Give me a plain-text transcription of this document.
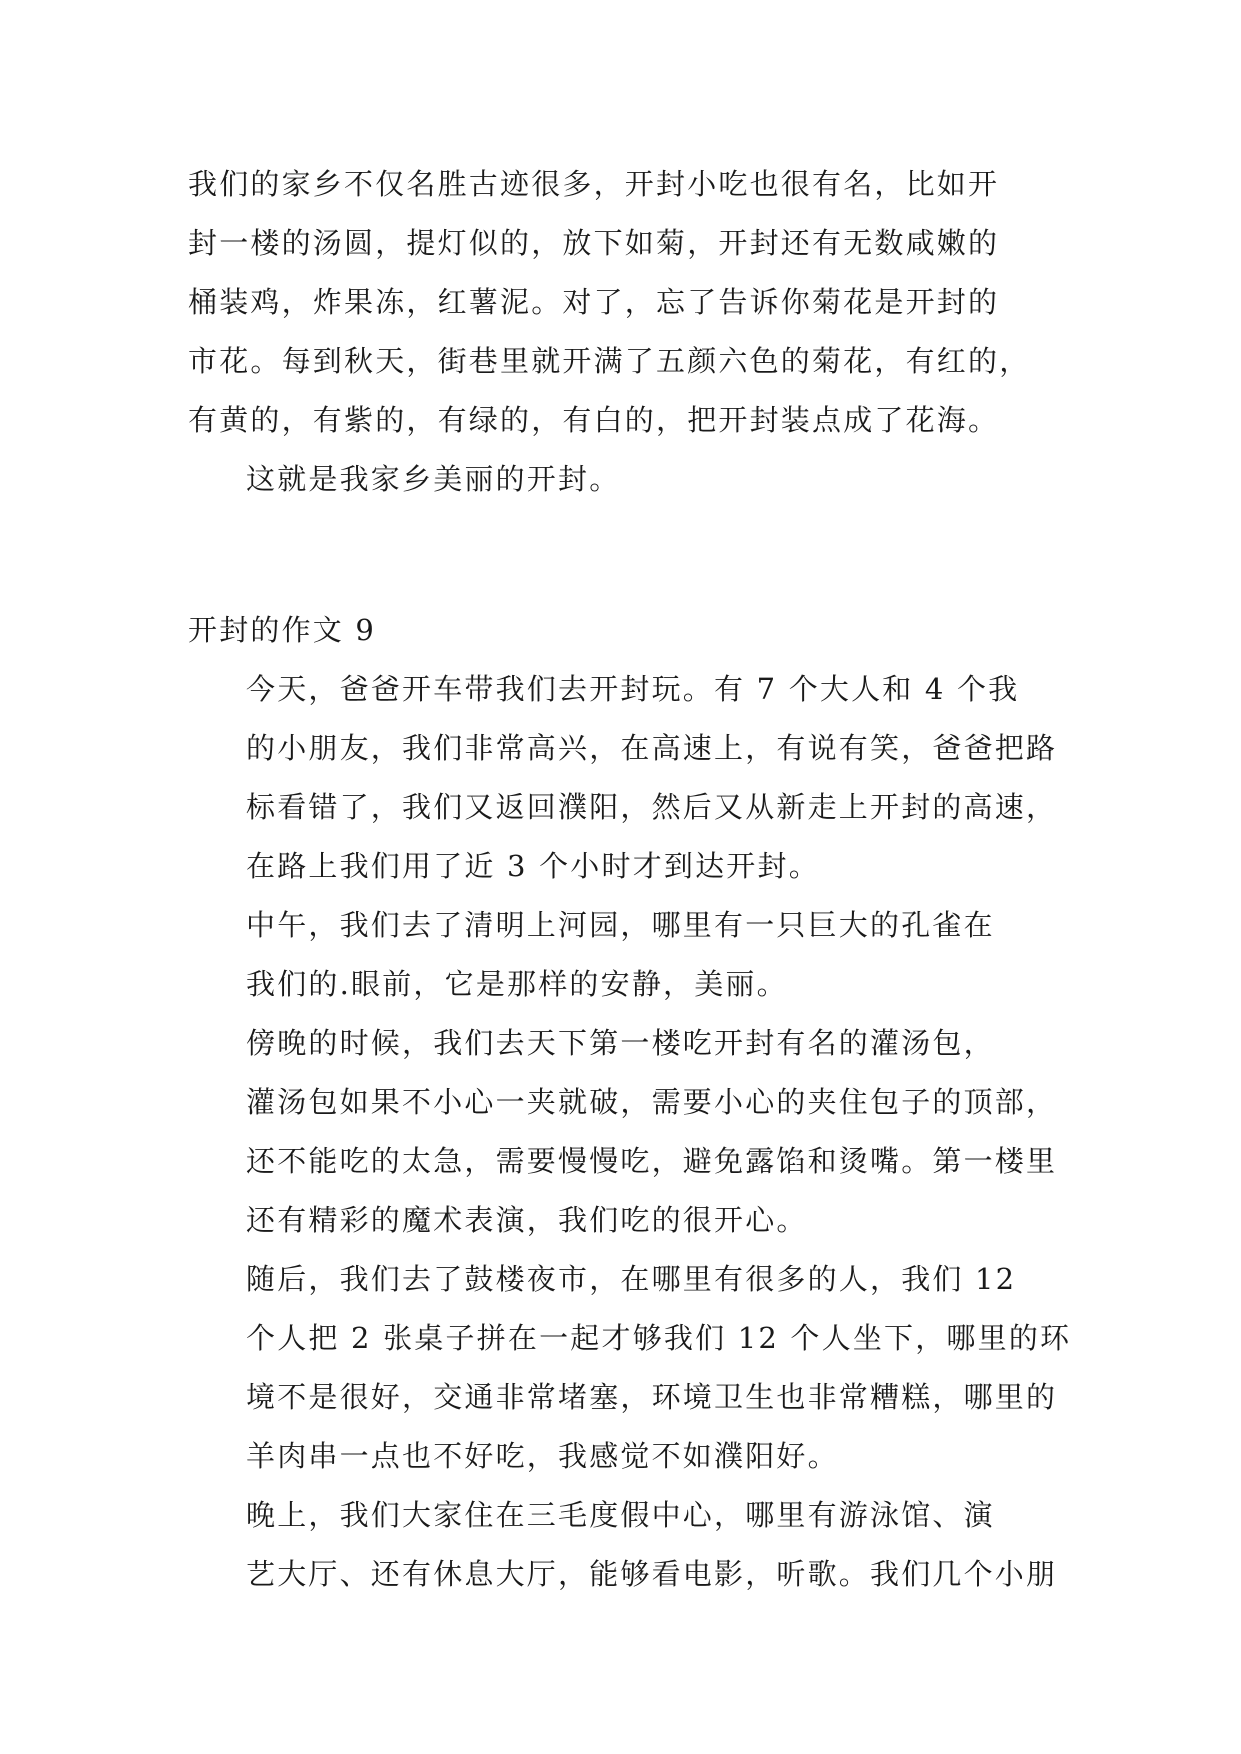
我们的家乡不仅名胜古迹很多，开封小吃也很有名，比如开
封一楼的汤圆，提灯似的，放下如菊，开封还有无数咸嫩的
桶装鸡，炸果冻，红薯泥。对了，忘了告诉你菊花是开封的
市花。每到秋天，街巷里就开满了五颜六色的菊花，有红的，
有黄的，有紫的，有绿的，有白的，把开封装点成了花海。

这就是我家乡美丽的开封。

开封的作文 9

今天，爸爸开车带我们去开封玩。有 7 个大人和 4 个我
的小朋友，我们非常高兴，在高速上，有说有笑，爸爸把路
标看错了，我们又返回濮阳，然后又从新走上开封的高速，
在路上我们用了近 3 个小时才到达开封。

中午，我们去了清明上河园，哪里有一只巨大的孔雀在
我们的.眼前，它是那样的安静，美丽。

傍晚的时候，我们去天下第一楼吃开封有名的灌汤包，
灌汤包如果不小心一夹就破，需要小心的夹住包子的顶部，
还不能吃的太急，需要慢慢吃，避免露馅和烫嘴。第一楼里
还有精彩的魔术表演，我们吃的很开心。

随后，我们去了鼓楼夜市，在哪里有很多的人，我们 12
个人把 2 张桌子拼在一起才够我们 12 个人坐下，哪里的环
境不是很好，交通非常堵塞，环境卫生也非常糟糕，哪里的
羊肉串一点也不好吃，我感觉不如濮阳好。

晚上，我们大家住在三毛度假中心，哪里有游泳馆、演
艺大厅、还有休息大厅，能够看电影，听歌。我们几个小朋
